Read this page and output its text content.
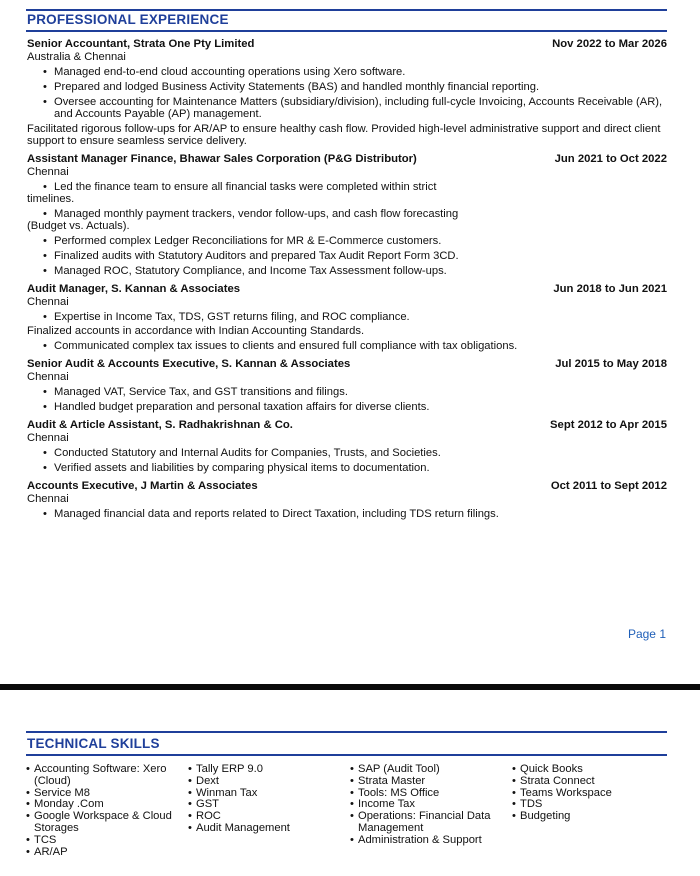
PROFESSIONAL EXPERIENCE
Senior Accountant, Strata One Pty Limited	Nov 2022 to Mar 2026
Australia & Chennai
• Managed end-to-end cloud accounting operations using Xero software.
• Prepared and lodged Business Activity Statements (BAS) and handled monthly financial reporting.
• Oversee accounting for Maintenance Matters (subsidiary/division), including full-cycle Invoicing, Accounts Receivable (AR), and Accounts Payable (AP) management.
Facilitated rigorous follow-ups for AR/AP to ensure healthy cash flow. Provided high-level administrative support and direct client support to ensure seamless service delivery.
Assistant Manager Finance, Bhawar Sales Corporation (P&G Distributor)	Jun 2021 to Oct 2022
Chennai
• Led the finance team to ensure all financial tasks were completed within strict timelines.
• Managed monthly payment trackers, vendor follow-ups, and cash flow forecasting (Budget vs. Actuals).
• Performed complex Ledger Reconciliations for MR & E-Commerce customers.
• Finalized audits with Statutory Auditors and prepared Tax Audit Report Form 3CD.
• Managed ROC, Statutory Compliance, and Income Tax Assessment follow-ups.
Audit Manager, S. Kannan & Associates	Jun 2018 to Jun 2021
Chennai
• Expertise in Income Tax, TDS, GST returns filing, and ROC compliance.
Finalized accounts in accordance with Indian Accounting Standards.
• Communicated complex tax issues to clients and ensured full compliance with tax obligations.
Senior Audit & Accounts Executive, S. Kannan & Associates	Jul 2015 to May 2018
Chennai
• Managed VAT, Service Tax, and GST transitions and filings.
• Handled budget preparation and personal taxation affairs for diverse clients.
Audit & Article Assistant, S. Radhakrishnan & Co.	Sept 2012 to Apr 2015
Chennai
• Conducted Statutory and Internal Audits for Companies, Trusts, and Societies.
• Verified assets and liabilities by comparing physical items to documentation.
Accounts Executive, J Martin & Associates	Oct 2011 to Sept 2012
Chennai
• Managed financial data and reports related to Direct Taxation, including TDS return filings.
Page 1
TECHNICAL SKILLS
• Accounting Software: Xero (Cloud)
• Service M8
• Monday .Com
• Google Workspace & Cloud Storages
• TCS
• AR/AP
• Tally ERP 9.0
• Dext
• Winman Tax
• GST
• ROC
• Audit Management
• SAP (Audit Tool)
• Strata Master
• Tools: MS Office
• Income Tax
• Operations: Financial Data Management
• Administration & Support
• Quick Books
• Strata Connect
• Teams Workspace
• TDS
• Budgeting
